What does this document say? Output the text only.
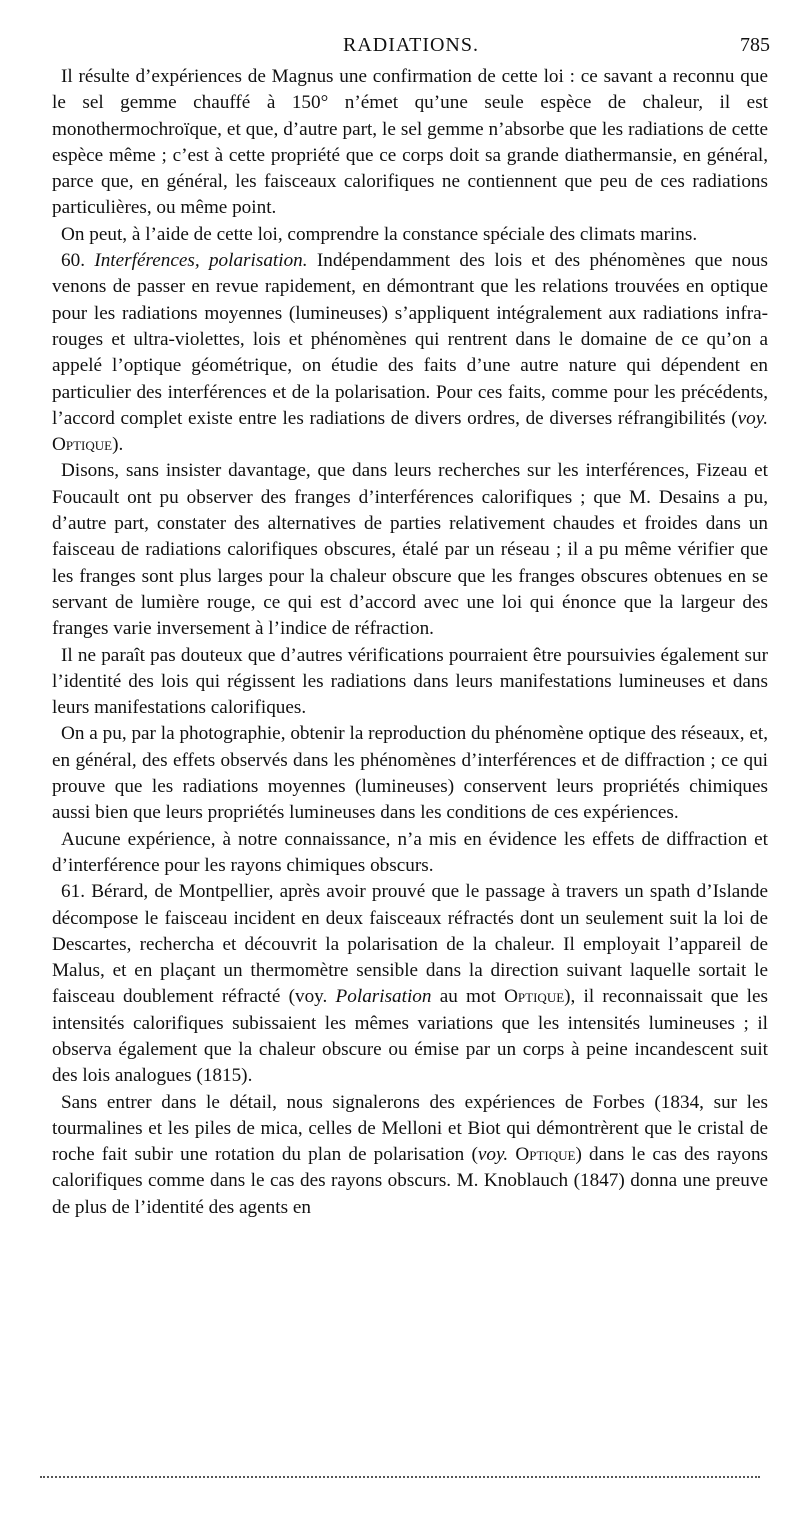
RADIATIONS.	785

Il résulte d’expériences de Magnus une confirmation de cette loi : ce savant a reconnu que le sel gemme chauffé à 150° n’émet qu’une seule espèce de chaleur, il est monothermochroïque, et que, d’autre part, le sel gemme n’absorbe que les radiations de cette espèce même ; c’est à cette propriété que ce corps doit sa grande diathermansie, en général, parce que, en général, les faisceaux calorifiques ne contiennent que peu de ces radiations particulières, ou même point.

On peut, à l’aide de cette loi, comprendre la constance spéciale des climats marins.

60. Interférences, polarisation. Indépendamment des lois et des phénomènes que nous venons de passer en revue rapidement, en démontrant que les relations trouvées en optique pour les radiations moyennes (lumineuses) s’appliquent intégralement aux radiations infra-rouges et ultra-violettes, lois et phénomènes qui rentrent dans le domaine de ce qu’on a appelé l’optique géométrique, on étudie des faits d’une autre nature qui dépendent en particulier des interférences et de la polarisation. Pour ces faits, comme pour les précédents, l’accord complet existe entre les radiations de divers ordres, de diverses réfrangibilités (voy. Optique).

Disons, sans insister davantage, que dans leurs recherches sur les interférences, Fizeau et Foucault ont pu observer des franges d’interférences calorifiques ; que M. Desains a pu, d’autre part, constater des alternatives de parties relativement chaudes et froides dans un faisceau de radiations calorifiques obscures, étalé par un réseau ; il a pu même vérifier que les franges sont plus larges pour la chaleur obscure que les franges obscures obtenues en se servant de lumière rouge, ce qui est d’accord avec une loi qui énonce que la largeur des franges varie inversement à l’indice de réfraction.

Il ne paraît pas douteux que d’autres vérifications pourraient être poursuivies également sur l’identité des lois qui régissent les radiations dans leurs manifestations lumineuses et dans leurs manifestations calorifiques.

On a pu, par la photographie, obtenir la reproduction du phénomène optique des réseaux, et, en général, des effets observés dans les phénomènes d’interférences et de diffraction ; ce qui prouve que les radiations moyennes (lumineuses) conservent leurs propriétés chimiques aussi bien que leurs propriétés lumineuses dans les conditions de ces expériences.

Aucune expérience, à notre connaissance, n’a mis en évidence les effets de diffraction et d’interférence pour les rayons chimiques obscurs.

61. Bérard, de Montpellier, après avoir prouvé que le passage à travers un spath d’Islande décompose le faisceau incident en deux faisceaux réfractés dont un seulement suit la loi de Descartes, rechercha et découvrit la polarisation de la chaleur. Il employait l’appareil de Malus, et en plaçant un thermomètre sensible dans la direction suivant laquelle sortait le faisceau doublement réfracté (voy. Polarisation au mot Optique), il reconnaissait que les intensités calorifiques subissaient les mêmes variations que les intensités lumineuses ; il observa également que la chaleur obscure ou émise par un corps à peine incandescent suit des lois analogues (1815).

Sans entrer dans le détail, nous signalerons des expériences de Forbes (1834, sur les tourmalines et les piles de mica, celles de Melloni et Biot qui démontrèrent que le cristal de roche fait subir une rotation du plan de polarisation (voy. Optique) dans le cas des rayons calorifiques comme dans le cas des rayons obscurs. M. Knoblauch (1847) donna une preuve de plus de l’identité des agents en
